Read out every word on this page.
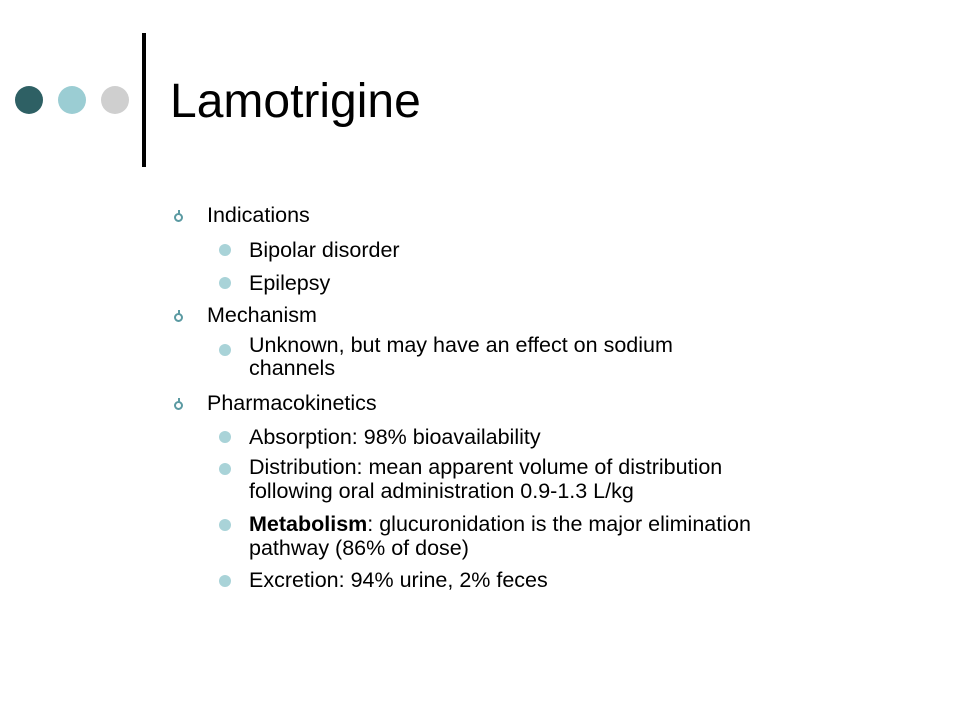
Lamotrigine
Indications
Bipolar disorder
Epilepsy
Mechanism
Unknown, but may have an effect on sodium
channels
Pharmacokinetics
Absorption: 98% bioavailability
Distribution: mean apparent volume of distribution
following oral administration 0.9-1.3 L/kg
Metabolism: glucuronidation is the major elimination
pathway (86% of dose)
Excretion: 94% urine, 2% feces
